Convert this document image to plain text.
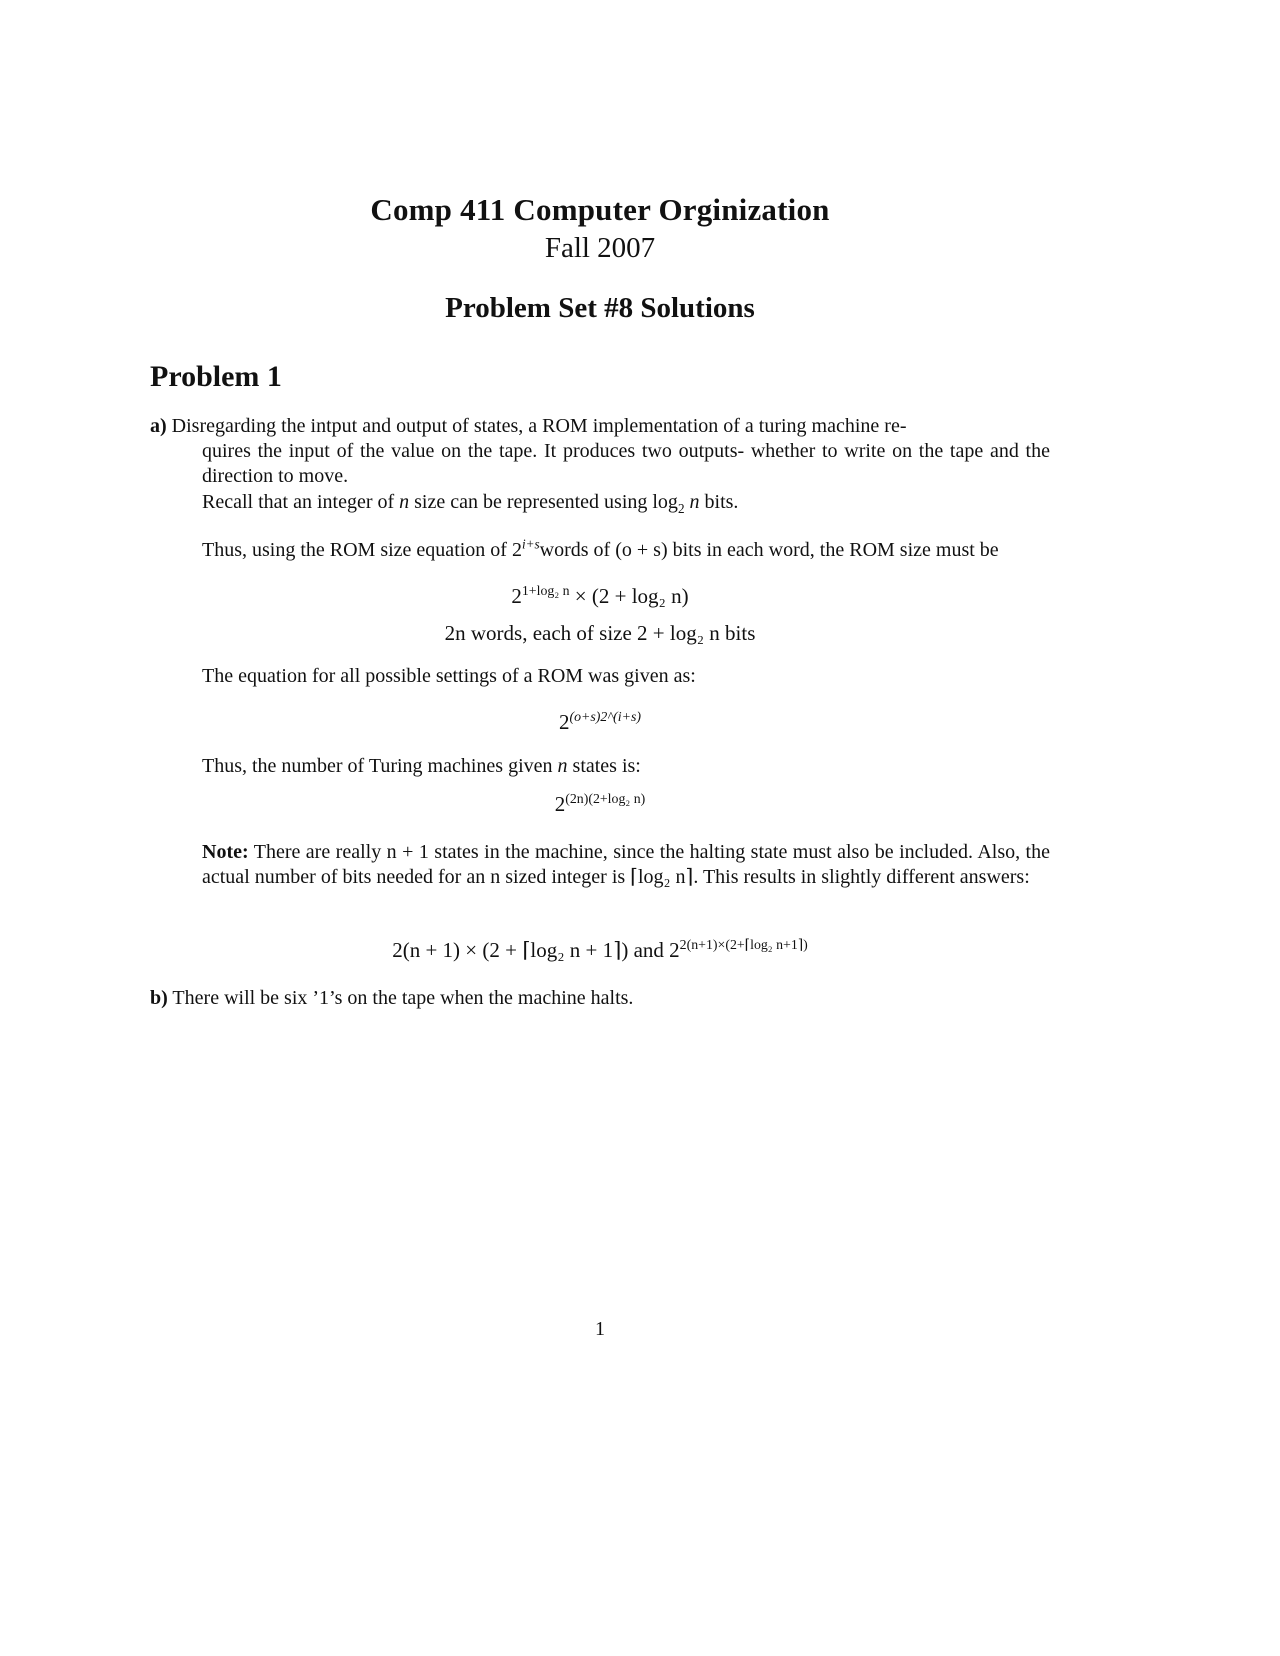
Comp 411 Computer Orginization
Fall 2007
Problem Set #8 Solutions
Problem 1
a) Disregarding the intput and output of states, a ROM implementation of a turing machine re-
quires the input of the value on the tape. It produces two outputs- whether to write on the tape and the direction to move.
Recall that an integer of n size can be represented using $\log_2 n$ bits.
Thus, using the ROM size equation of $2^{i+s}words$ of (o + s) bits in each word, the ROM size must be
$2^{1+log_2 n} \times (2 + \log_2$ n)
2n words, each of size 2 + log₂ n bits
The equation for all possible settings of a ROM was given as:
$2^{(o+s)2\^{}(i+s)}$
Thus, the number of Turing machines given n states is:
$2^{(2n)(2+log_2 n)}$
Note: There are really n + 1 states in the machine, since the halting state must also be included. Also, the actual number of bits needed for an n sized integer is ⌈log₂ n⌉. This results in slightly different answers:
2(n + 1) × (2 + ⌈log₂ n + 1⌉) and $2^{2(n+1)\times(2+⌈log_2 n+1⌉)}$
b) There will be six ’1’s on the tape when the machine halts.
1
